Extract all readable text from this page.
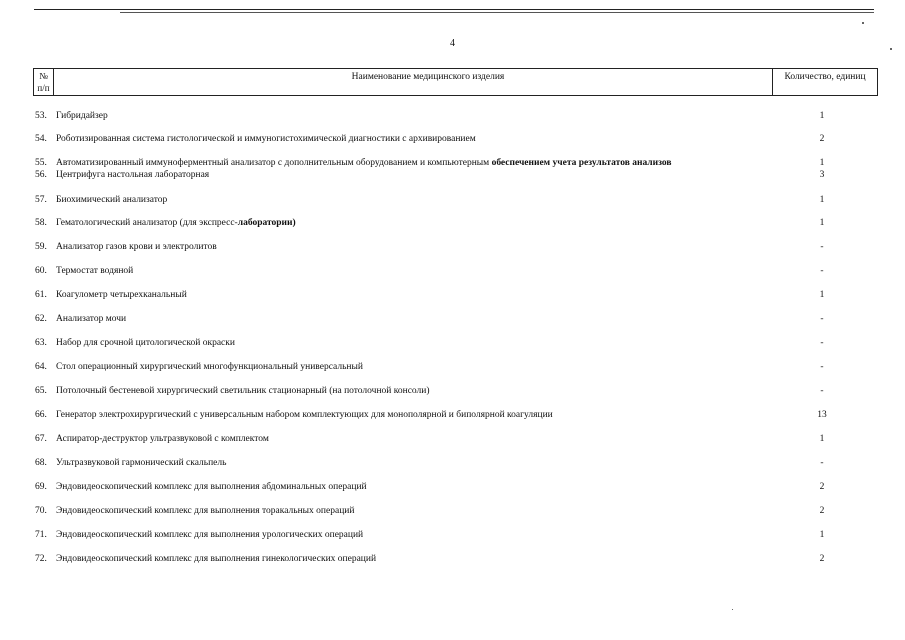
4
№
п/п
Наименование медицинского изделия	Количество, единиц
53. Гибридайзер	1
54. Роботизированная система гистологической и иммуногистохимической диагностики с архивированием	2
55. Автоматизированный иммуноферментный анализатор с дополнительным оборудованием и компьютерным обеспечением учета результатов анализов	1
56. Центрифуга настольная лабораторная	3
57. Биохимический анализатор	1
58. Гематологический анализатор (для экспресс-лаборатории)	1
59. Анализатор газов крови и электролитов	-
60. Термостат водяной	-
61. Коагулометр четырехканальный	1
62. Анализатор мочи	-
63. Набор для срочной цитологической окраски	-
64. Стол операционный хирургический многофункциональный универсальный	-
65. Потолочный бестеневой хирургический светильник стационарный (на потолочной консоли)	-
66. Генератор электрохирургический с универсальным набором комплектующих для монополярной и биполярной коагуляции	13
67. Аспиратор-деструктор ультразвуковой с комплектом	1
68. Ультразвуковой гармонический скальпель	-
69. Эндовидеоскопический комплекс для выполнения абдоминальных операций	2
70. Эндовидеоскопический комплекс для выполнения торакальных операций	2
71. Эндовидеоскопический комплекс для выполнения урологических операций	1
72. Эндовидеоскопический комплекс для выполнения гинекологических операций	2
